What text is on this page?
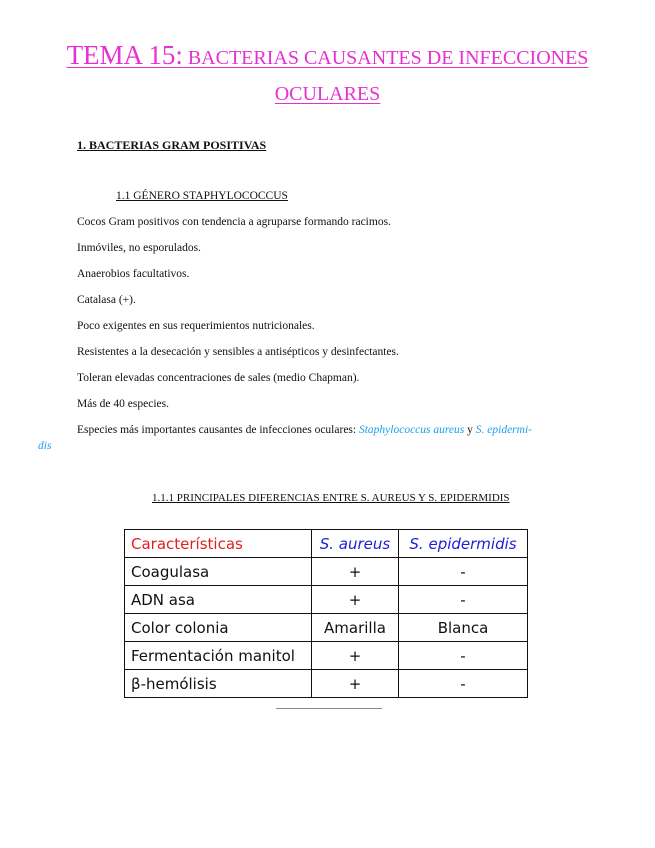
TEMA 15: BACTERIAS CAUSANTES DE INFECCIONES
OCULARES
1. BACTERIAS GRAM POSITIVAS
1.1 GÉNERO STAPHYLOCOCCUS
Cocos Gram positivos con tendencia a agruparse formando racimos.
Inmóviles, no esporulados.
Anaerobios facultativos.
Catalasa (+).
Poco exigentes en sus requerimientos nutricionales.
Resistentes a la desecación y sensibles a antisépticos y desinfectantes.
Toleran elevadas concentraciones de sales (medio Chapman).
Más de 40 especies.
Especies más importantes causantes de infecciones oculares: Staphylococcus aureus y S. epidermi-
dis
1.1.1 PRINCIPALES DIFERENCIAS ENTRE S. AUREUS Y S. EPIDERMIDIS
Características	S. aureus	S. epidermidis
Coagulasa	+	-
ADN asa	+	-
Color colonia	Amarilla	Blanca
Fermentación manitol	+	-
β-hemólisis	+	-
